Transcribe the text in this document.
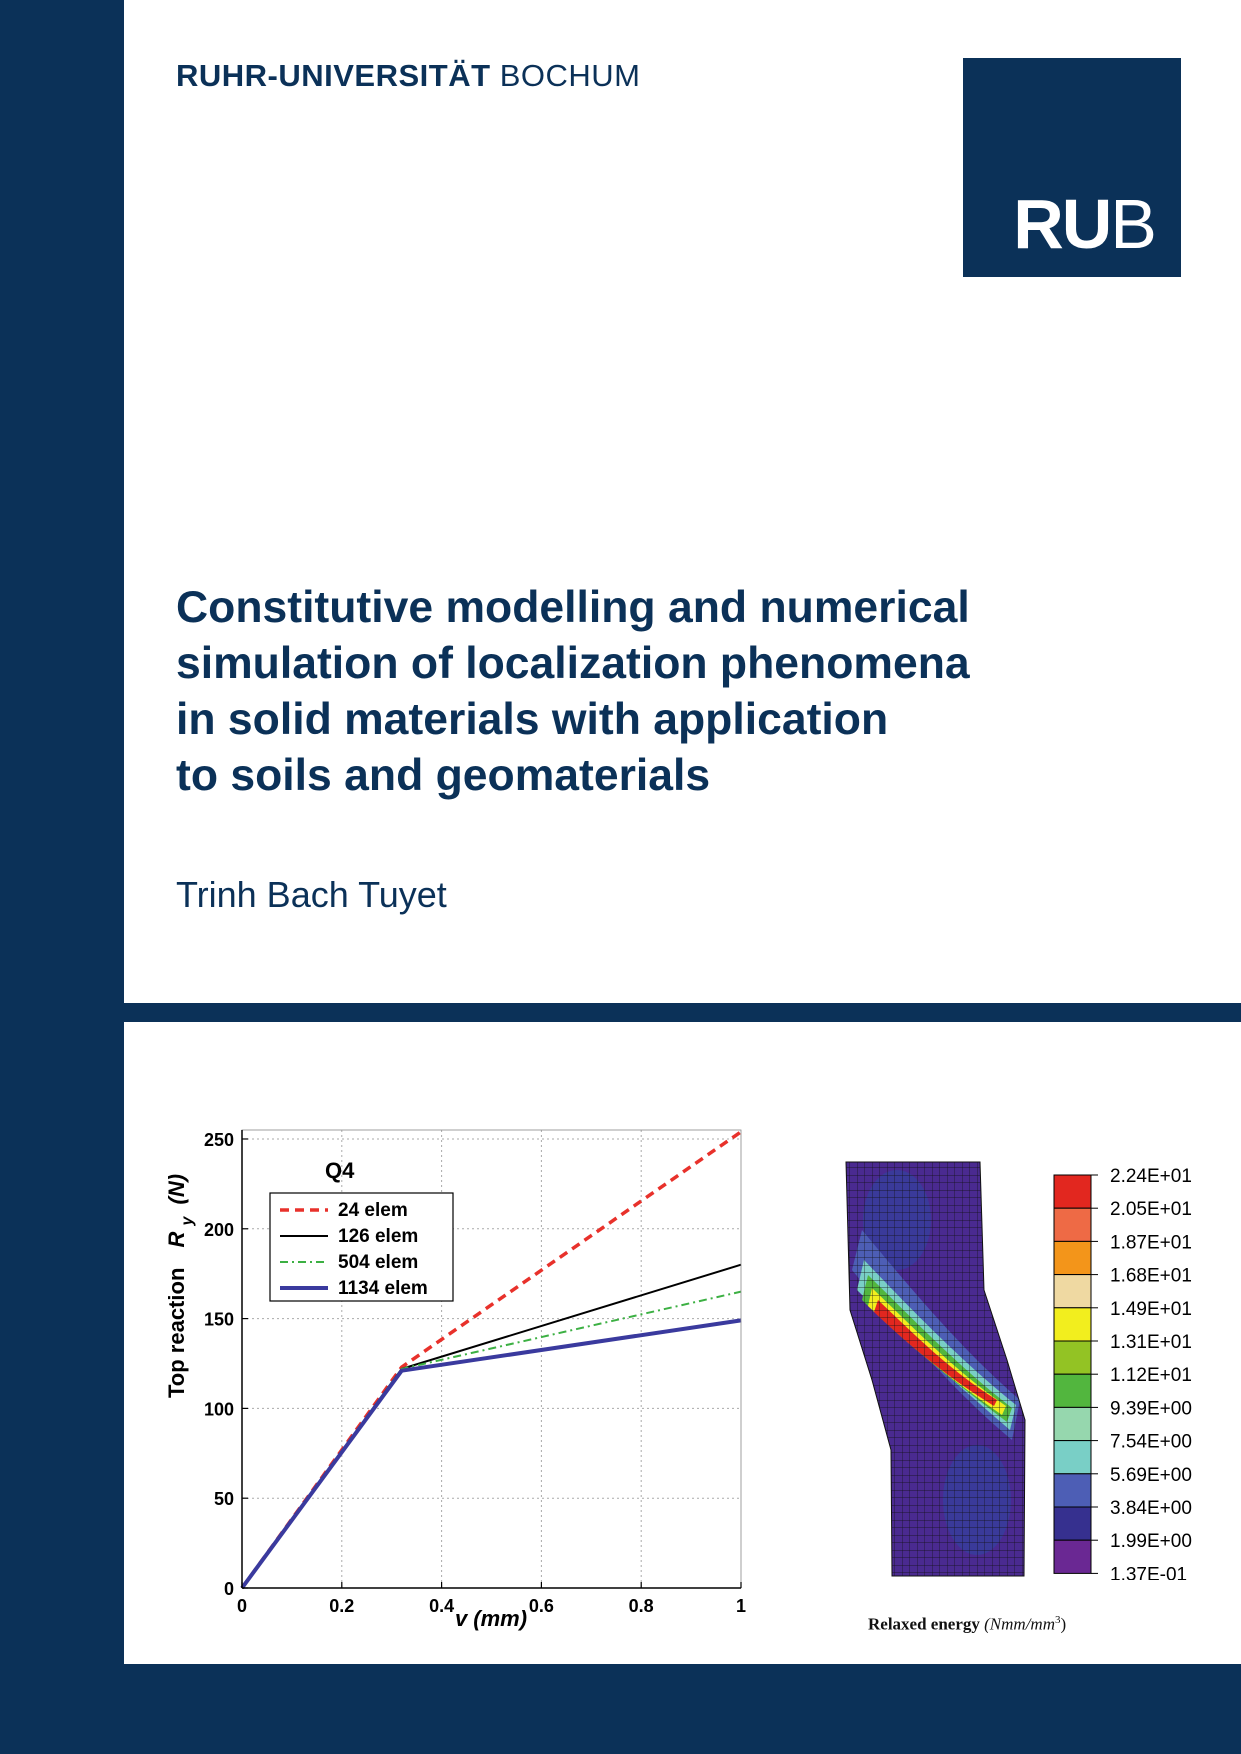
RUHR-UNIVERSITÄT BOCHUM
RUB
Constitutive modelling and numerical
simulation of localization phenomena
in solid materials with application
to soils and geomaterials
Trinh Bach Tuyet
0	0.2	0.4	0.6	0.8	1
0
50
100
150
200
250
Q4
24 elem
126 elem
504 elem
1134 elem
v (mm)
Top reaction R $_y$ (N)	2.24E+01
2.05E+01
1.87E+01
1.68E+01
1.49E+01
1.31E+01
1.12E+01
9.39E+00
7.54E+00
5.69E+00
3.84E+00
1.99E+00
1.37E-01
Relaxed energy $(Nmm/mm^3)$
